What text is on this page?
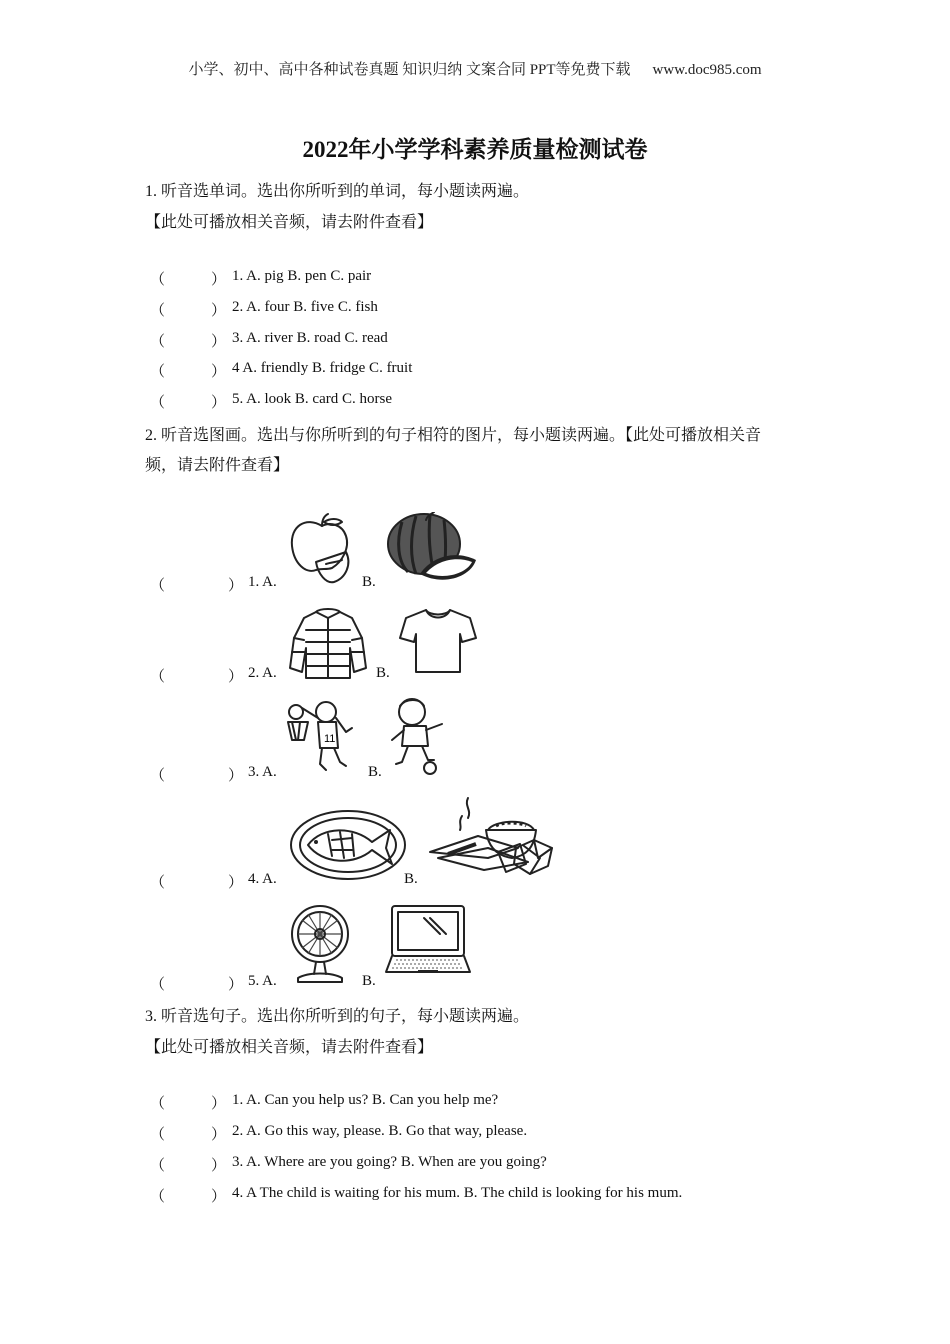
小学、初中、高中各种试卷真题 知识归纳 文案合同 PPT等免费下载 www.doc985.com
2022年小学学科素养质量检测试卷
1. 听音选单词。选出你所听到的单词，每小题读两遍。
【此处可播放相关音频，请去附件查看】
（	） 1. A. pig B. pen C. pair
（	） 2. A. four B. five C. fish
（	） 3. A. river B. road C. read
（	） 4 A. friendly B. fridge C. fruit
（	） 5. A. look B. card C. horse
2. 听音选图画。选出与你所听到的句子相符的图片，每小题读两遍。【此处可播放相关音
频，请去附件查看】
（	） 1. A.	B.
（	） 2. A.	B.
（	） 3. A.	B.
11
（	） 4. A.	B.
（	） 5. A.	B.
3. 听音选句子。选出你所听到的句子，每小题读两遍。
【此处可播放相关音频，请去附件查看】
（	） 1. A. Can you help us? B. Can you help me?
（	） 2. A. Go this way, please. B. Go that way, please.
（	） 3. A. Where are you going? B. When are you going?
（	） 4. A The child is waiting for his mum. B. The child is looking for his mum.
